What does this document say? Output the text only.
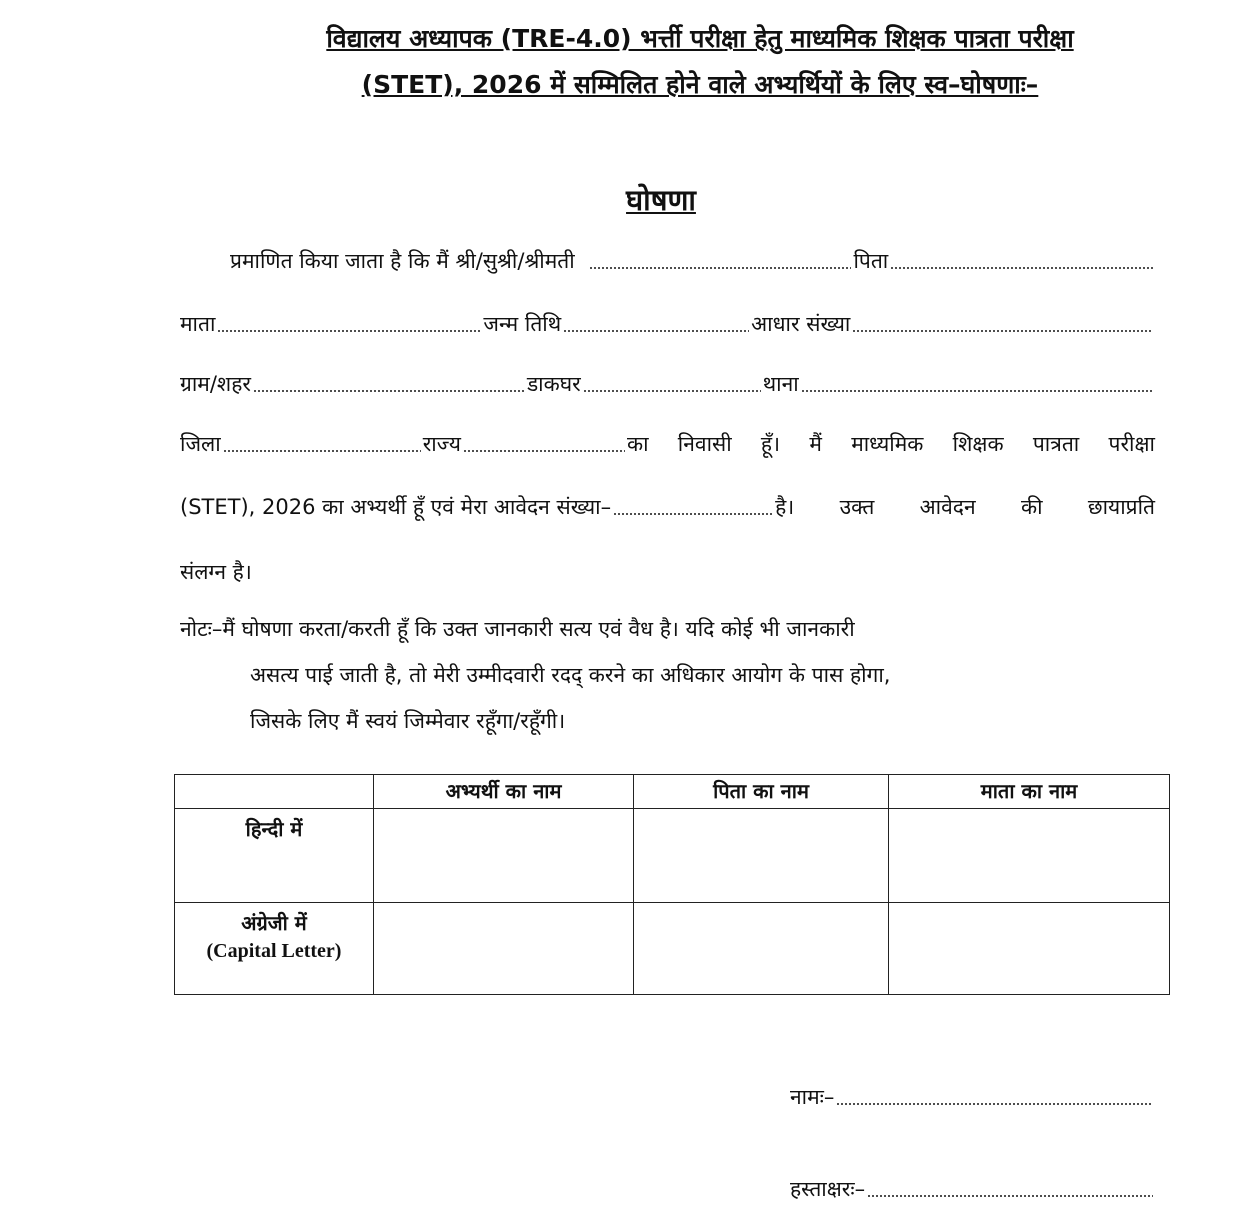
विद्यालय अध्यापक (TRE-4.0) भर्त्ती परीक्षा हेतु माध्यमिक शिक्षक पात्रता परीक्षा
(STET), 2026 में सम्मिलित होने वाले अभ्यर्थियों के लिए स्व–घोषणाः–
घोषणा
प्रमाणित किया जाता है कि मैं श्री/सुश्री/श्रीमती	पिता
माता	जन्म तिथि	आधार संख्या
ग्राम/शहर	डाकघर	थाना
जिला	राज्य	का निवासी हूँ। मैं माध्यमिक शिक्षक पात्रता परीक्षा
(STET), 2026 का अभ्यर्थी हूँ एवं मेरा आवेदन संख्या–	है। उक्त आवेदन की छायाप्रति
संलग्न है।
नोटः–मैं घोषणा करता/करती हूँ कि उक्त जानकारी सत्य एवं वैध है। यदि कोई भी जानकारी
असत्य पाई जाती है, तो मेरी उम्मीदवारी रदद् करने का अधिकार आयोग के पास होगा,
जिसके लिए मैं स्वयं जिम्मेवार रहूँगा/रहूँगी।
	अभ्यर्थी का नाम	पिता का नाम	माता का नाम
हिन्दी में			

अंग्रेजी में
(Capital Letter)			

नामः–
हस्ताक्षरः–
